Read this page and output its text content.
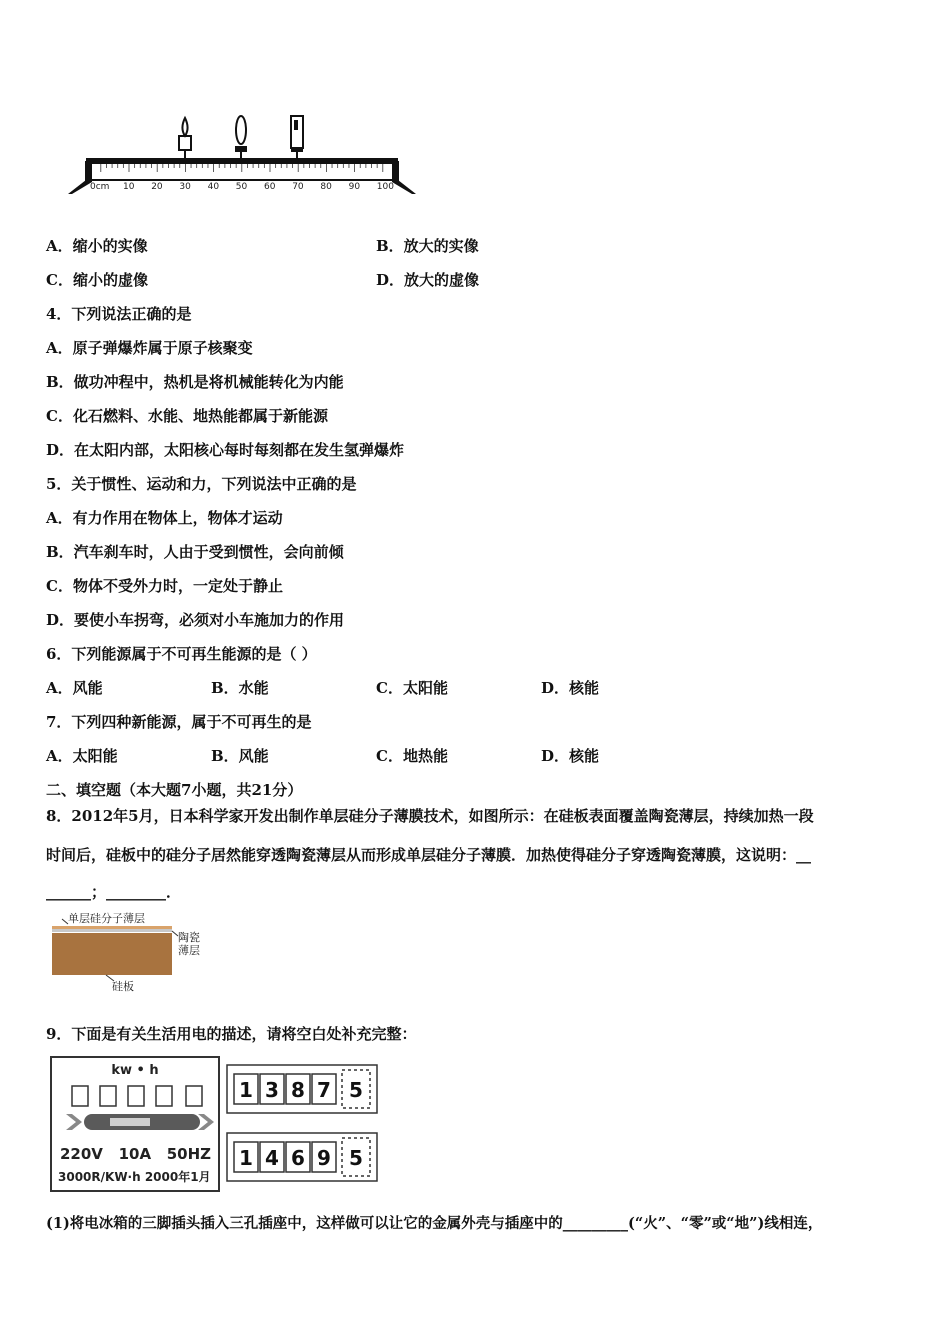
10 20 30 40 50 60 70 80 90 100
0cm
A．缩小的实像	B．放大的实像
C．缩小的虚像	D．放大的虚像
4．下列说法正确的是
A．原子弹爆炸属于原子核聚变
B．做功冲程中，热机是将机械能转化为内能
C．化石燃料、水能、地热能都属于新能源
D．在太阳内部，太阳核心每时每刻都在发生氢弹爆炸
5．关于惯性、运动和力，下列说法中正确的是
A．有力作用在物体上，物体才运动
B．汽车刹车时，人由于受到惯性，会向前倾
C．物体不受外力时，一定处于静止
D．要使小车拐弯，必须对小车施加力的作用
6．下列能源属于不可再生能源的是（ ）
A．风能	B．水能	C．太阳能	D．核能
7．下列四种新能源，属于不可再生的是
A．太阳能	B．风能	C．地热能	D．核能
二、填空题（本大题7小题，共21分）
8．2012年5月，日本科学家开发出制作单层硅分子薄膜技术，如图所示：在硅板表面覆盖陶瓷薄层，持续加热一段
时间后，硅板中的硅分子居然能穿透陶瓷薄层从而形成单层硅分子薄膜．加热使得硅分子穿透陶瓷薄膜，这说明：__
______；________．
单层硅分子薄层
陶瓷
薄层
硅板
9．下面是有关生活用电的描述，请将空白处补充完整：
kw • h
220V   10A   50HZ
3000R/KW·h 2000年1月
1 3 8 7 5
1 4 6 9 5
(1)将电冰箱的三脚插头插入三孔插座中，这样做可以让它的金属外壳与插座中的_________(“火”、“零”或“地”)线相连，
